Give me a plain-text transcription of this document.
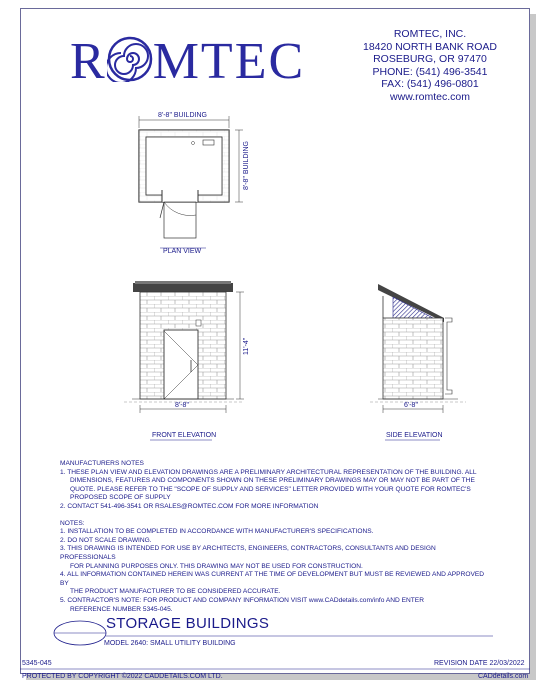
R MTEC	ROMTEC, INC.
18420 NORTH BANK ROAD
ROSEBURG, OR 97470
PHONE: (541) 496-3541
FAX: (541) 496-0801
www.romtec.com
8'-8" BUILDING
8'-8" BUILDING
PLAN VIEW
11'-4"
8'-8"
FRONT ELEVATION
6'-8"
SIDE ELEVATION
MANUFACTURERS NOTES
1. THESE PLAN VIEW AND ELEVATION DRAWINGS ARE A PRELIMINARY ARCHITECTURAL REPRESENTATION OF THE BUILDING. ALL
DIMENSIONS, FEATURES AND COMPONENTS SHOWN ON THESE PRELIMINARY DRAWINGS MAY OR MAY NOT BE PART OF THE
QUOTE. PLEASE REFER TO THE "SCOPE OF SUPPLY AND SERVICES" LETTER PROVIDED WITH YOUR QUOTE FOR ROMTEC'S
PROPOSED SCOPE OF SUPPLY
2. CONTACT 541-496-3541 OR RSALES@ROMTEC.COM FOR MORE INFORMATION
NOTES:
1. INSTALLATION TO BE COMPLETED IN ACCORDANCE WITH MANUFACTURER'S SPECIFICATIONS.
2. DO NOT SCALE DRAWING.
3. THIS DRAWING IS INTENDED FOR USE BY ARCHITECTS, ENGINEERS, CONTRACTORS, CONSULTANTS AND DESIGN PROFESSIONALS
FOR PLANNING PURPOSES ONLY. THIS DRAWING MAY NOT BE USED FOR CONSTRUCTION.
4. ALL INFORMATION CONTAINED HEREIN WAS CURRENT AT THE TIME OF DEVELOPMENT BUT MUST BE REVIEWED AND APPROVED BY
THE PRODUCT MANUFACTURER TO BE CONSIDERED ACCURATE.
5. CONTRACTOR'S NOTE: FOR PRODUCT AND COMPANY INFORMATION VISIT www.CADdetails.com/info AND ENTER
REFERENCE NUMBER 5345-045.
STORAGE BUILDINGS
MODEL 2640: SMALL UTILITY BUILDING
5345-045	REVISION DATE 22/03/2022
PROTECTED BY COPYRIGHT ©2022 CADDETAILS.COM LTD.	CADdetails.com
